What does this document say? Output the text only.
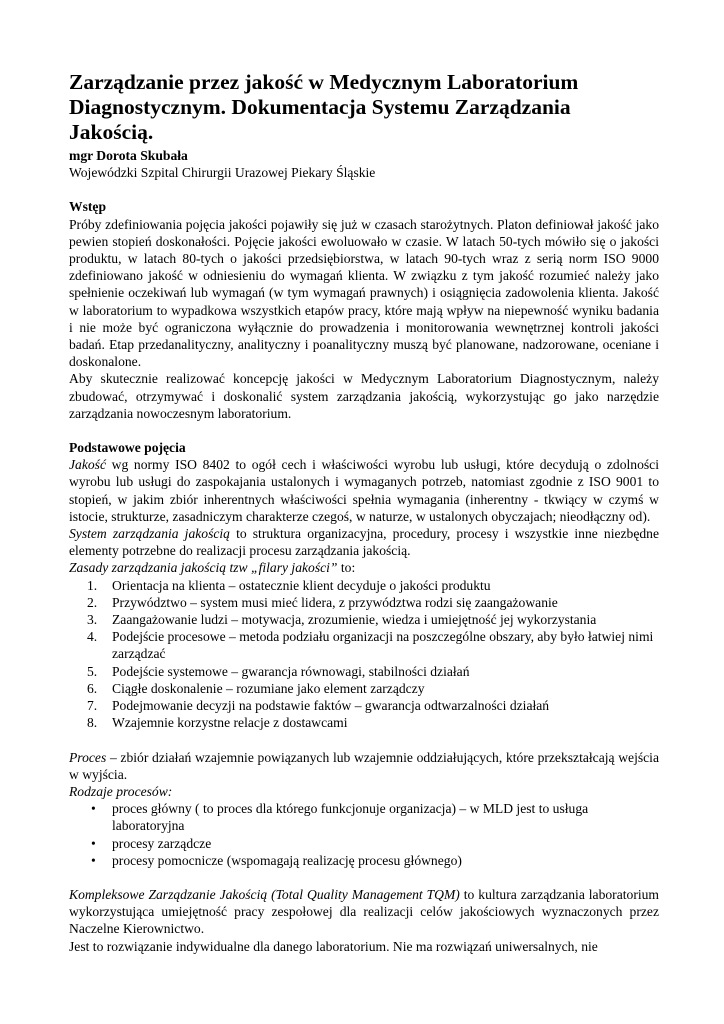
Zarządzanie przez jakość w Medycznym Laboratorium Diagnostycznym. Dokumentacja Systemu Zarządzania Jakością.

mgr Dorota Skubała

Wojewódzki Szpital Chirurgii Urazowej Piekary Śląskie

Wstęp

Próby zdefiniowania pojęcia jakości pojawiły się już w czasach starożytnych. Platon definiował jakość jako pewien stopień doskonałości. Pojęcie jakości ewoluowało w czasie. W latach 50-tych mówiło się o jakości produktu, w latach 80-tych o jakości przedsiębiorstwa, w latach 90-tych wraz z serią norm ISO 9000 zdefiniowano jakość w odniesieniu do wymagań klienta. W związku z tym jakość rozumieć należy jako spełnienie oczekiwań lub wymagań (w tym wymagań prawnych) i osiągnięcia zadowolenia klienta. Jakość w laboratorium to wypadkowa wszystkich etapów pracy, które mają wpływ na niepewność wyniku badania i nie może być ograniczona wyłącznie do prowadzenia i monitorowania wewnętrznej kontroli jakości badań. Etap przedanalityczny, analityczny i poanalityczny muszą być planowane, nadzorowane, oceniane i doskonalone.

Aby skutecznie realizować koncepcję jakości w Medycznym Laboratorium Diagnostycznym, należy zbudować, otrzymywać i doskonalić system zarządzania jakością, wykorzystując go jako narzędzie zarządzania nowoczesnym laboratorium.

Podstawowe pojęcia

Jakość wg normy ISO 8402 to ogół cech i właściwości wyrobu lub usługi, które decydują o zdolności wyrobu lub usługi do zaspokajania ustalonych i wymaganych potrzeb, natomiast zgodnie z ISO 9001 to stopień, w jakim zbiór inherentnych właściwości spełnia wymagania (inherentny - tkwiący w czymś w istocie, strukturze, zasadniczym charakterze czegoś, w naturze, w ustalonych obyczajach; nieodłączny od).

System zarządzania jakością to struktura organizacyjna, procedury, procesy i wszystkie inne niezbędne elementy potrzebne do realizacji procesu zarządzania jakością.

Zasady zarządzania jakością tzw „filary jakości” to:

1. Orientacja na klienta – ostatecznie klient decyduje o jakości produktu
2. Przywództwo – system musi mieć lidera, z przywództwa rodzi się zaangażowanie
3. Zaangażowanie ludzi – motywacja, zrozumienie, wiedza i umiejętność jej wykorzystania
4. Podejście procesowe – metoda podziału organizacji na poszczególne obszary, aby było łatwiej nimi zarządzać
5. Podejście systemowe – gwarancja równowagi, stabilności działań
6. Ciągłe doskonalenie – rozumiane jako element zarządczy
7. Podejmowanie decyzji na podstawie faktów – gwarancja odtwarzalności działań
8. Wzajemnie korzystne relacje z dostawcami

Proces – zbiór działań wzajemnie powiązanych lub wzajemnie oddziałujących, które przekształcają wejścia w wyjścia.

Rodzaje procesów:

• proces główny ( to proces dla którego funkcjonuje organizacja) – w MLD jest to usługa laboratoryjna
• procesy zarządcze
• procesy pomocnicze (wspomagają realizację procesu głównego)

Kompleksowe Zarządzanie Jakością (Total Quality Management TQM) to kultura zarządzania laboratorium wykorzystująca umiejętność pracy zespołowej dla realizacji celów jakościowych wyznaczonych przez Naczelne Kierownictwo.

Jest to rozwiązanie indywidualne dla danego laboratorium. Nie ma rozwiązań uniwersalnych, nie
